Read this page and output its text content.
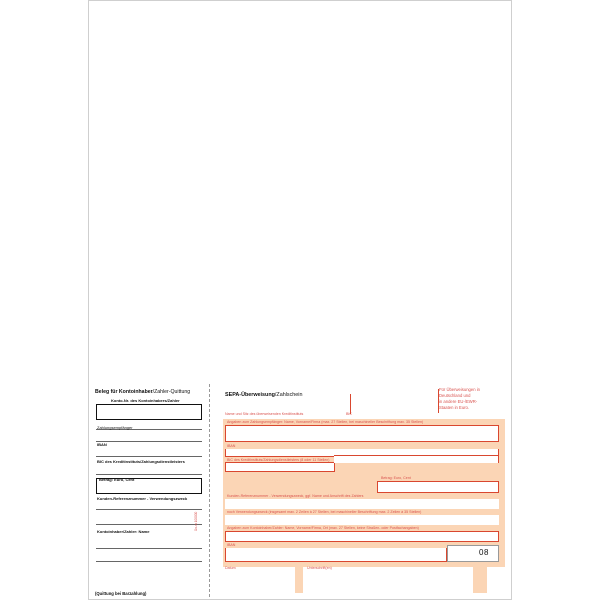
Beleg für Kontoinhaber/Zahler-Quittung
Konto-Nr. des Kontoinhabers/Zahler
Zahlungsempfänger
IBAN
BIC des Kreditinstituts/Zahlungsdienstleisters
Betrag: Euro, Cent
Kunden-Referenznummer - Verwendungszweck
Kontoinhaber/Zahler: Name
(Quittung bei Barzahlung)
Ün-m 100000
SEPA-Überweisung/Zahlschein
Name und Sitz des überweisenden Kreditinstituts	BIC
Für Überweisungen in
Deutschland und
in andere EU-/EWR-
Staaten in Euro.
Angaben zum Zahlungsempfänger: Name, Vorname/Firma (max. 27 Stellen, bei maschineller Beschriftung max. 35 Stellen)
IBAN
BIC des Kreditinstituts/Zahlungsdienstleisters (8 oder 11 Stellen)
Betrag: Euro, Cent
Kunden-Referenznummer - Verwendungszweck, ggf. Name und Anschrift des Zahlers
noch Verwendungszweck (insgesamt max. 2 Zeilen à 27 Stellen, bei maschineller Beschriftung max. 2 Zeilen à 35 Stellen)
Angaben zum Kontoinhaber/Zahler: Name, Vorname/Firma, Ort (max. 27 Stellen, keine Straßen- oder Postfachangaben)
IBAN
08
Datum	Unterschrift(en)
